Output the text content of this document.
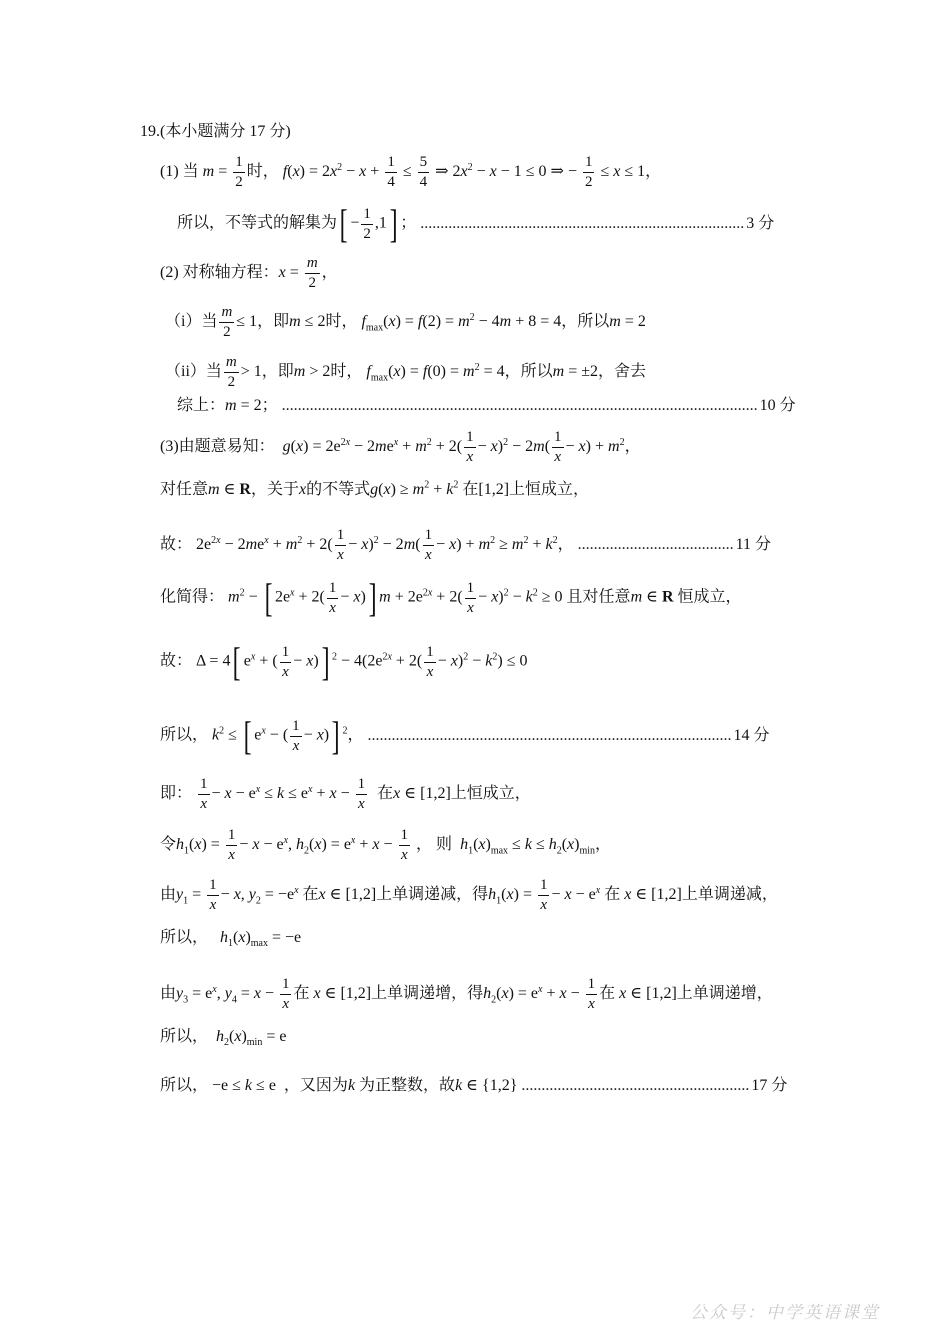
19.(本小题满分 17 分)
(1) 当 $m = \frac{1}{2}$ 时， $f(x) = 2x^2 - x + \frac{1}{4} \le \frac{5}{4}$ ⇒ $2x^2 - x - 1 \le 0$ ⇒ − $\frac{1}{2} \le x \le 1$，
所以，不等式的解集为[ − $\frac{1}{2} ,1$] ； ................................................................................. 3 分
(2) 对称轴方程：$x = \frac{m}{2}$ ，
（i）当 $\frac{m}{2} \le 1$，即m ≤ 2时， $f_{max}(x) = f(2) = m^2 - 4m + 8 = 4$，所以m = 2
（ii）当 $\frac{m}{2} > 1$，即m > 2时， $f_{max}(x) = f(0) = m^2 = 4$，所以m = ±2，舍去
综上：m = 2； ....................................................................................................................... 10 分
(3)由题意易知： $g(x) = 2e^{2x} - 2me^x + m^2 + 2( \frac{1}{x} - x)^2 - 2m( \frac{1}{x} - x) + m^2$，
对任意m ∈ R，关于x的不等式$g(x) \ge m^2 + k^2$ 在[1,2]上恒成立，
故： $2e^{2x} - 2me^x + m^2 + 2( \frac{1}{x} - x)^2 - 2m( \frac{1}{x} - x) + m^2 \ge m^2 + k^2$， ....................................... 11 分
化简得： $m^2$ − [ $2e^x + 2( \frac{1}{x} - x)$] $m + 2e^{2x} + 2( \frac{1}{x} - x)^2 - k^2 \ge 0$ 且对任意m ∈ R 恒成立，
故： Δ = 4[ $e^x$ + ( $\frac{1}{x} - x$)] $^2 - 4(2e^{2x} + 2( \frac{1}{x} - x)^2 - k^2) \le 0$
所以， $k^2$ ≤ [ $e^x$ − ( $\frac{1}{x} - x$)] $^2$， ........................................................................................... 14 分
即： $\frac{1}{x} - x - e^x \le k \le e^x + x - \frac{1}{x}$ 在x ∈ [1,2]上恒成立，
令$h_1(x) = \frac{1}{x} - x - e^x$, $h_2(x) = e^x + x - \frac{1}{x}$ ， 则 $h_1(x)_{max} \le k \le h_2(x)_{min}$，
由$y_1 = \frac{1}{x} - x$, $y_2 = -e^x$ 在x ∈ [1,2]上单调递减，得$h_1(x) = \frac{1}{x} - x - e^x$ 在 x ∈ [1,2]上单调递减，
所以， $h_1(x)_{max} = -e$
由$y_3 = e^x$, $y_4 = x - \frac{1}{x}$ 在 x ∈ [1,2]上单调递增，得$h_2(x) = e^x + x - \frac{1}{x}$ 在 x ∈ [1,2]上单调递增，
所以， $h_2(x)_{min} = e$
所以， −e ≤ k ≤ e  ，又因为k 为正整数，故k ∈ {1,2} ......................................................... 17 分
公众号：中学英语课堂
